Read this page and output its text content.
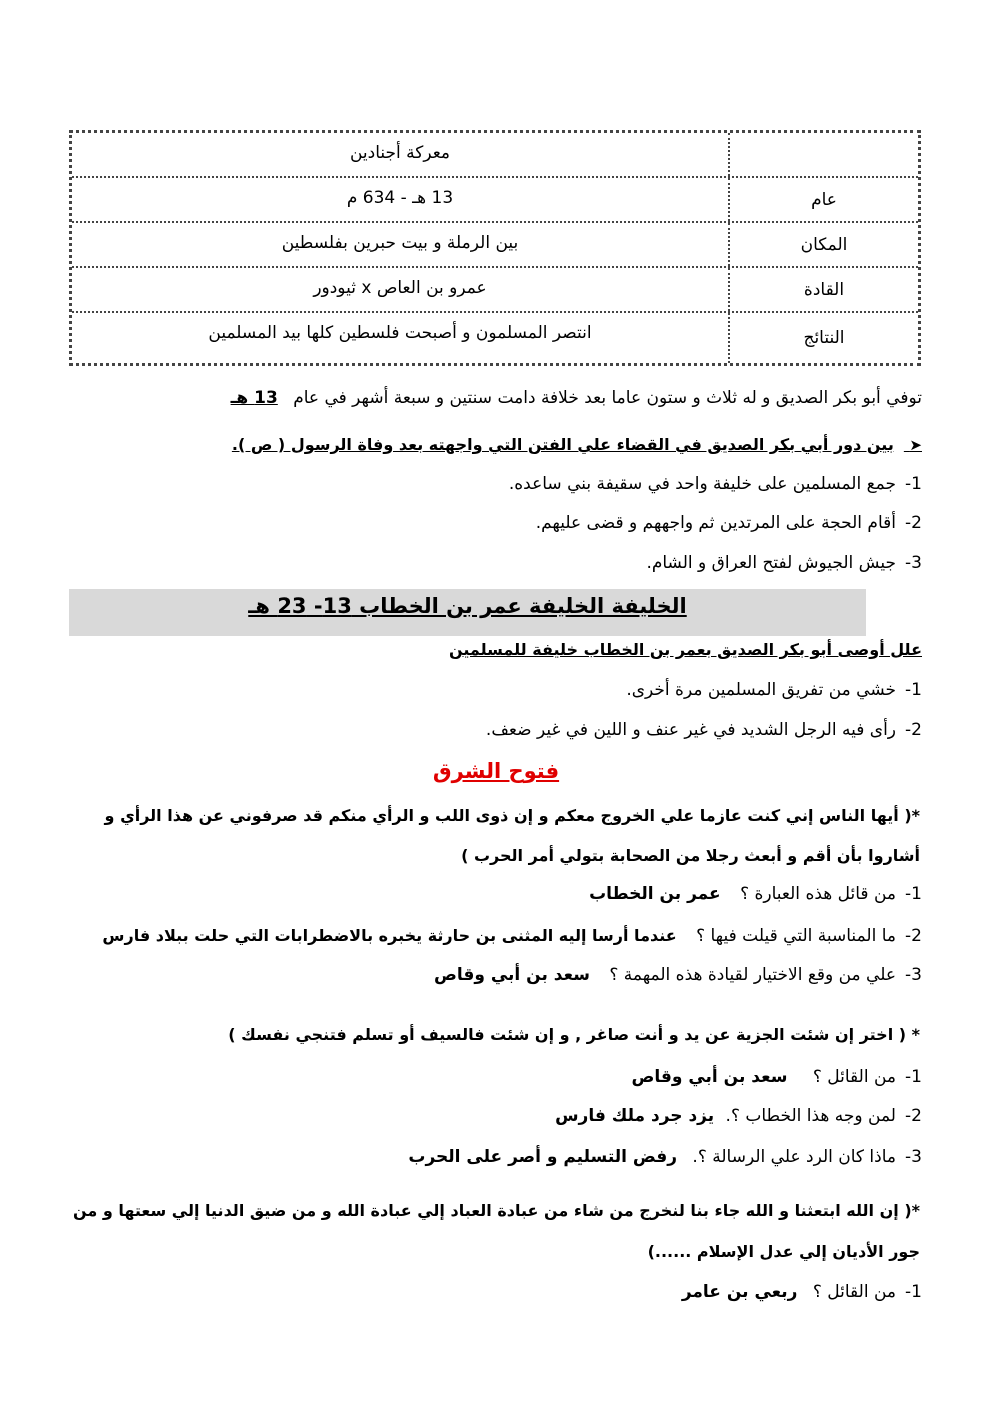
معركة أجنادين
عام
13 هـ - 634 م
المكان
بين الرملة و بيت حبرين بفلسطين
القادة
عمرو بن العاص x ثيودور
النتائج
انتصر المسلمون و أصبحت فلسطين كلها بيد المسلمين
توفي أبو بكر الصديق و له ثلاث و ستون عاما بعد خلافة دامت سنتين و سبعة أشهر في عام 13 هـ
➤ بين دور أبي بكر الصديق في القضاء علي الفتن التي واجهته بعد وفاة الرسول ( ص ).
1-جمع المسلمين على خليفة واحد في سقيفة بني ساعده.
2-أقام الحجة على المرتدين ثم واجههم و قضى عليهم.
3-جيش الجيوش لفتح العراق و الشام.
الخليفة الخليفة عمر بن الخطاب 13- 23 هـ
علل أوصى أبو بكر الصديق بعمر بن الخطاب خليفة للمسلمين
1-خشي من تفريق المسلمين مرة أخرى.
2-رأى فيه الرجل الشديد في غير عنف و اللين في غير ضعف.
فتوح الشرق
*( أيها الناس إني كنت عازما علي الخروج معكم و إن ذوى اللب و الرأي منكم قد صرفوني عن هذا الرأي و
أشاروا بأن أقم و أبعث رجلا من الصحابة بتولي أمر الحرب )
1-من قائل هذه العبارة ؟ عمر بن الخطاب
2-ما المناسبة التي قيلت فيها ؟ عندما أرسا إليه المثنى بن حارثة يخبره بالاضطرابات التي حلت ببلاد فارس
3-علي من وقع الاختيار لقيادة هذه المهمة ؟ سعد بن أبي وقاص
* ( اختر إن شئت الجزية عن يد و أنت صاغر , و إن شئت فالسيف أو تسلم فتنجي نفسك )
1-من القائل ؟ سعد بن أبي وقاص
2-لمن وجه هذا الخطاب ؟. يزد جرد ملك فارس
3-ماذا كان الرد علي الرسالة ؟. رفض التسليم و أصر على الحرب
*( إن الله ابتعثنا و الله جاء بنا لنخرج من شاء من عبادة العباد إلي عبادة الله و من ضيق الدنيا إلي سعتها و من
جور الأديان إلي عدل الإسلام ......)
1-من القائل ؟ ربعي بن عامر
